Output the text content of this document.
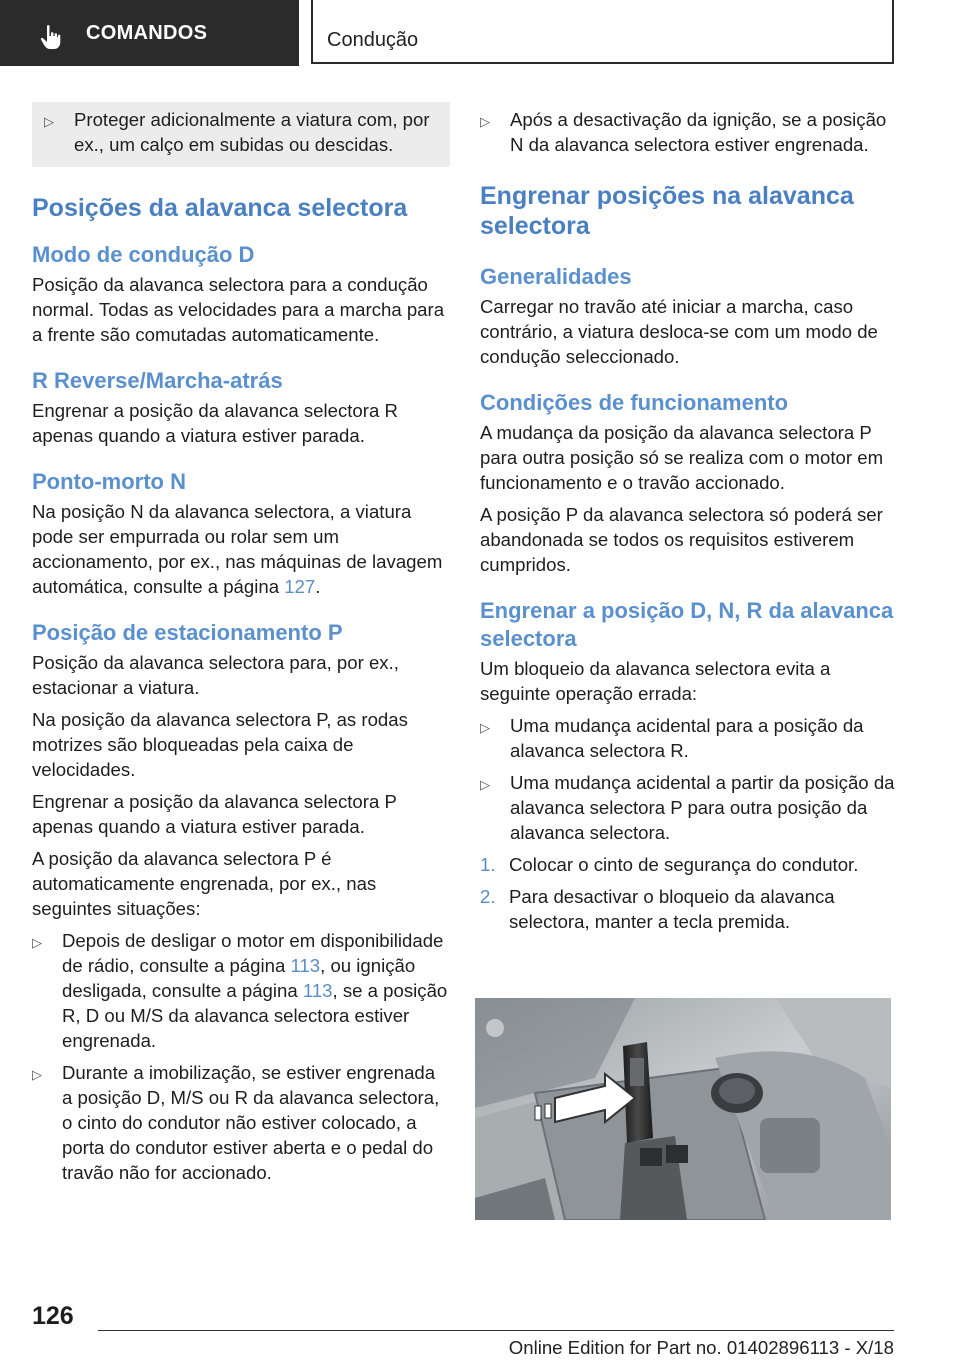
COMANDOS	Condução
▷	Proteger adicionalmente a viatura com, por ex., um calço em subidas ou descidas.
Posições da alavanca selectora
Modo de condução D

Posição da alavanca selectora para a condução normal. Todas as velocidades para a marcha para a frente são comutadas automaticamente.

R Reverse/Marcha-atrás

Engrenar a posição da alavanca selectora R apenas quando a viatura estiver parada.

Ponto-morto N

Na posição N da alavanca selectora, a viatura pode ser empurrada ou rolar sem um accionamento, por ex., nas máquinas de lavagem automática, consulte a página 127.

Posição de estacionamento P

Posição da alavanca selectora para, por ex., estacionar a viatura.

Na posição da alavanca selectora P, as rodas motrizes são bloqueadas pela caixa de velocidades.

Engrenar a posição da alavanca selectora P apenas quando a viatura estiver parada.

A posição da alavanca selectora P é automaticamente engrenada, por ex., nas seguintes situações:

▷	Depois de desligar o motor em disponibilidade de rádio, consulte a página 113, ou ignição desligada, consulte a página 113, se a posição R, D ou M/S da alavanca selectora estiver engrenada.
▷	Durante a imobilização, se estiver engrenada a posição D, M/S ou R da alavanca selectora, o cinto do condutor não estiver colocado, a porta do condutor estiver aberta e o pedal do travão não for accionado.
▷	Após a desactivação da ignição, se a posição N da alavanca selectora estiver engrenada.
Engrenar posições na alavanca selectora
Generalidades

Carregar no travão até iniciar a marcha, caso contrário, a viatura desloca-se com um modo de condução seleccionado.

Condições de funcionamento

A mudança da posição da alavanca selectora P para outra posição só se realiza com o motor em funcionamento e o travão accionado.

A posição P da alavanca selectora só poderá ser abandonada se todos os requisitos estiverem cumpridos.

Engrenar a posição D, N, R da alavanca selectora

Um bloqueio da alavanca selectora evita a seguinte operação errada:

▷	Uma mudança acidental para a posição da alavanca selectora R.
▷	Uma mudança acidental a partir da posição da alavanca selectora P para outra posição da alavanca selectora.
1. Colocar o cinto de segurança do condutor.
2. Para desactivar o bloqueio da alavanca selectora, manter a tecla premida.
126
Online Edition for Part no. 01402896113 - X/18
